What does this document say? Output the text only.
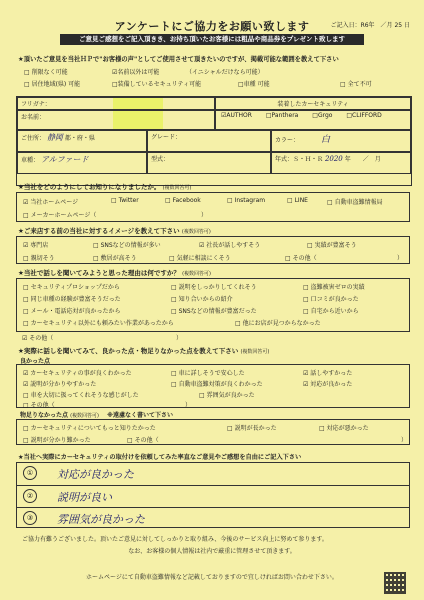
アンケートにご協力をお願い致します	ご記入日：R6年　／月 25 日
ご意見ご感想をご記入頂きき、お持ち頂いたお客様には粗品や商品券をプレゼント致します
★頂いたご意見を当社ＨＰで"お客様の声"としてご使用させて頂きたいのですが、掲載可能な範囲を教えて下さい
□ 削限なく可能	☑名前以外は可能	（イニシャルだけなら可能）
□ 居住地域(県) 可能	□装備しているセキュリティ可能	□車種 可能	□ 全て不可
フリガナ：
お名前：
装着したカーセキュリティ
☑AUTHOR □Panthera □Grgo □CLIFFORD
ご住所： 静岡 都・府・県	グレード：	カラー： 白
車種： アルファード	型式：	年式：Ｓ・Ｈ・Ｒ 2020 年　　／　月
★当社をどのようにしてお知りになりましたか。 (複数回答可)
☑ 当社ホームページ	□ Twitter	□ Facebook	□ Instagram	□ LINE	□ 自動車盗難情報局
□ メーカーホームページ（	）
★ご来店する前の当社に対するイメージを教えて下さい (複数回答可)
☑ 専門店	□ SNSなどの情報が多い	☑ 社長が話しやすそう	□ 実績が豊富そう
□ 親切そう	□ 敷居が高そう	□ 気軽に相談にくそう	□ その他（	）
★当社で話しを聞いてみようと思った理由は何ですか？ (複数回答可)
□ セキュリティプロショップだから	□ 説明をしっかりしてくれそう	□ 盗難被害ゼロの実績
□ 同じ車種の経験が豊富そうだった	□ 知り合いからの紹介	□ 口コミが良かった
□ メール・電話応対が良かったから	□ SNSなどの情報が豊富だった	□ 自宅から近いから
□ カーセキュリティ以外にも頼みたい作業があったから	□ 他にお店が見つからなかった
☑ その他（	）
★実際に話しを聞いてみて、良かった点・物足りなかった点を教えて下さい (複数回答可)
良かった点
☑ カーセキュリティの事が良くわかった	□ 車に詳しそうで安心した	☑ 話しやすかった
☑ 説明が分かりやすかった	□ 自動車盗難対策が良くわかった	☑ 対応が良かった
□ 車を大切に扱ってくれそうな感じがした	□ 雰囲気が良かった
□ その他（	）
物足りなかった点 (複数回答可) ※遠慮なく書いて下さい
□ カーセキュリティについてもっと知りたかった	□ 説明が長かった	□ 対応が悪かった
□ 説明が分かり難かった	□ その他（	）
★当社へ実際にカーセキュリティの取付けを依頼してみた率直なご意見やご感想を自由にご記入下さい
①	対応が良かった
②	説明が良い
③	雰囲気が良かった
ご協力有難うございました。頂いたご意見に対してしっかりと取り組み、今後のサービス向上に努めて参ります。
なお、お客様の個人情報は社内で厳重に管理させて頂きます。
ホームページにて自動車盗難情報など記載しておりますので宜しければお問い合わせ下さい。
